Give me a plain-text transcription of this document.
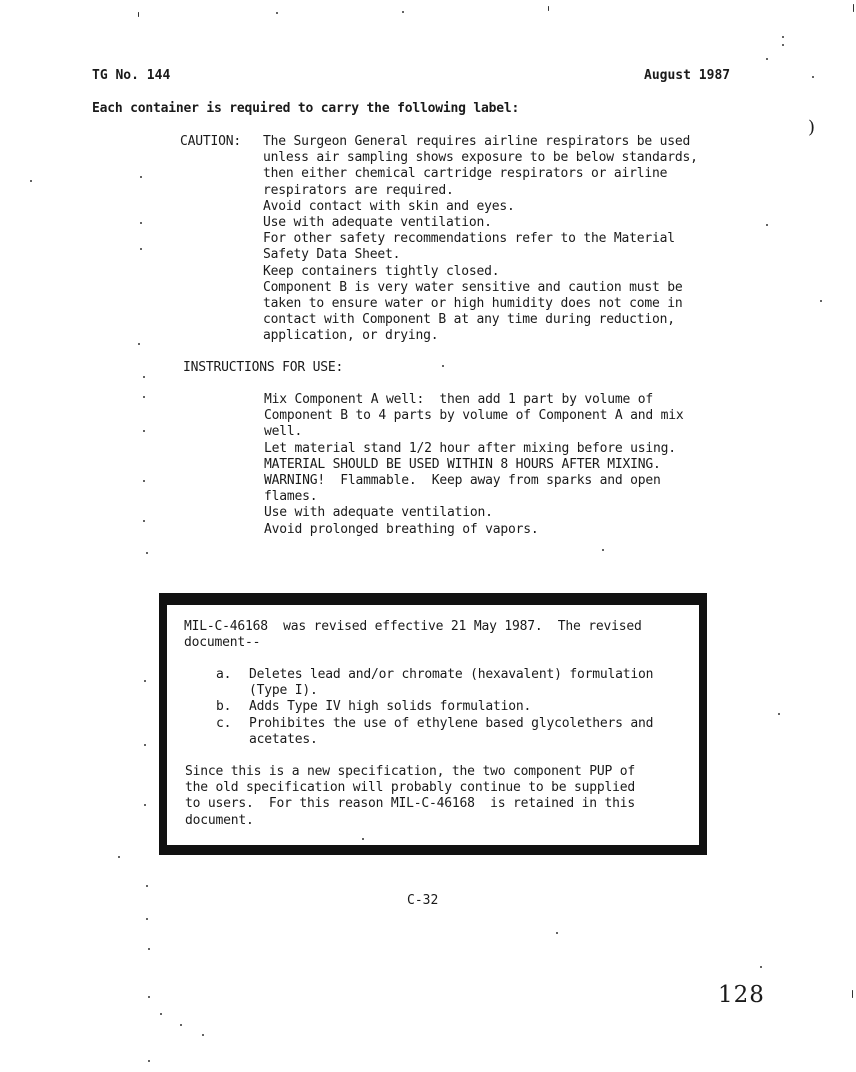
TG No. 144	August 1987
Each container is required to carry the following label:
CAUTION: The Surgeon General requires airline respirators be used
unless air sampling shows exposure to be below standards,
then either chemical cartridge respirators or airline
respirators are required.
Avoid contact with skin and eyes.
Use with adequate ventilation.
For other safety recommendations refer to the Material
Safety Data Sheet.
Keep containers tightly closed.
Component B is very water sensitive and caution must be
taken to ensure water or high humidity does not come in
contact with Component B at any time during reduction,
application, or drying.
INSTRUCTIONS FOR USE:
Mix Component A well:  then add 1 part by volume of
Component B to 4 parts by volume of Component A and mix
well.
Let material stand 1/2 hour after mixing before using.
MATERIAL SHOULD BE USED WITHIN 8 HOURS AFTER MIXING.
WARNING!  Flammable.  Keep away from sparks and open
flames.
Use with adequate ventilation.
Avoid prolonged breathing of vapors.
MIL-C-46168  was revised effective 21 May 1987.  The revised
document--
a.	Deletes lead and/or chromate (hexavalent) formulation
(Type I).
b.	Adds Type IV high solids formulation.
c.	Prohibites the use of ethylene based glycolethers and
acetates.
Since this is a new specification, the two component PUP of
the old specification will probably continue to be supplied
to users.  For this reason MIL-C-46168  is retained in this
document.
C-32
128
)
